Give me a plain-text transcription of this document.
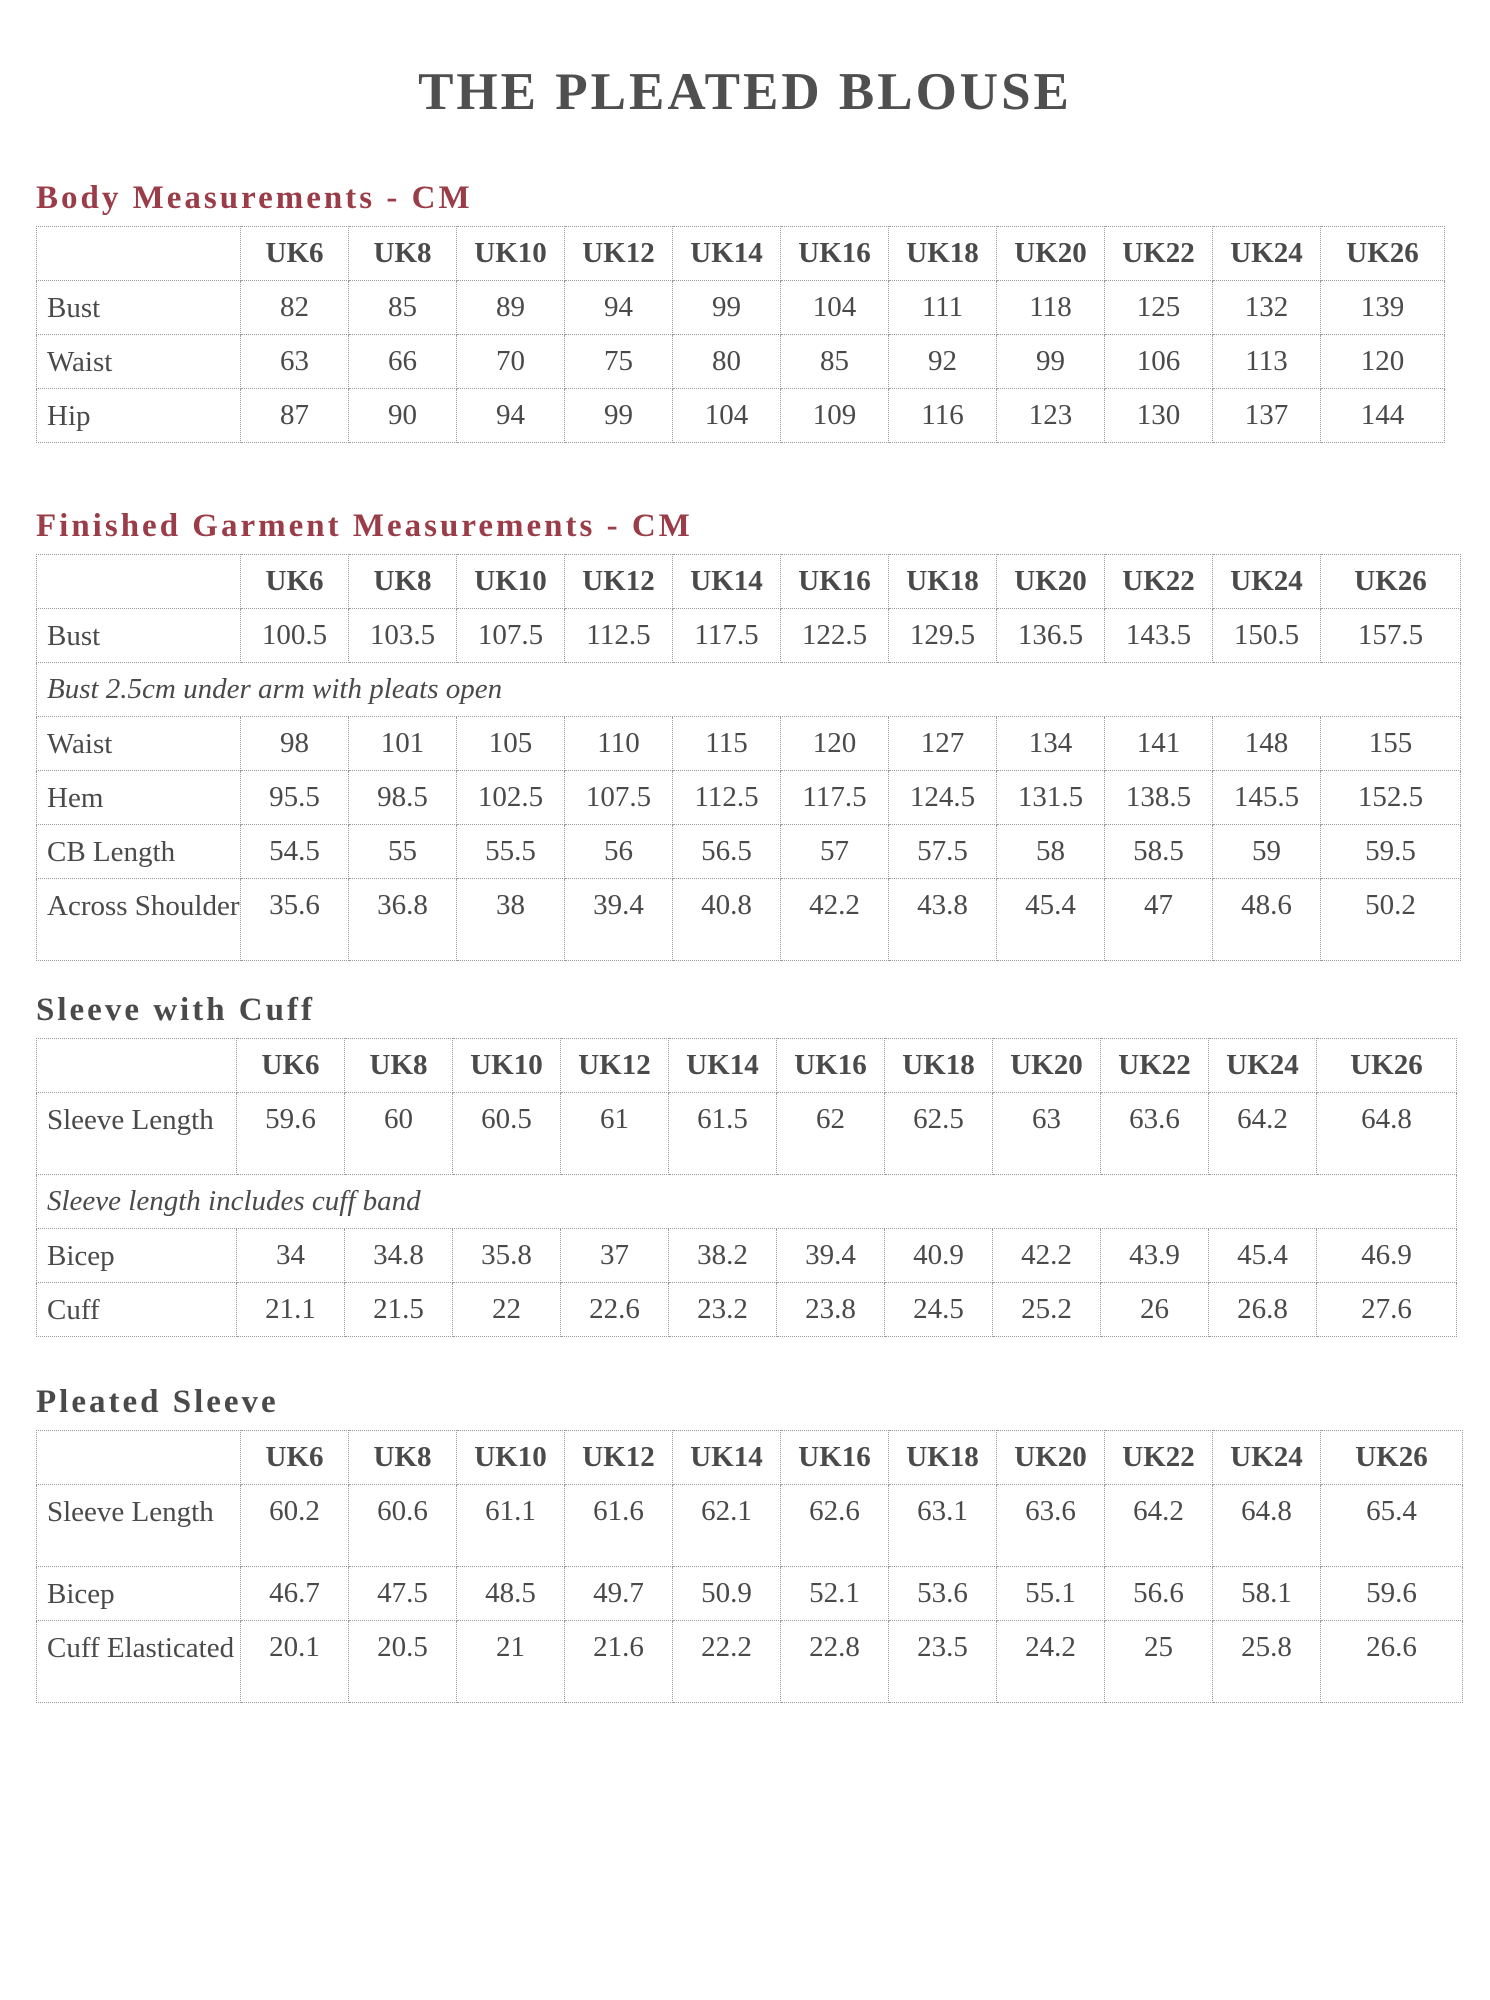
THE PLEATED BLOUSE
Body Measurements - CM
	UK6	UK8	UK10	UK12	UK14	UK16	UK18	UK20	UK22	UK24	UK26
Bust	82	85	89	94	99	104	111	118	125	132	139
Waist	63	66	70	75	80	85	92	99	106	113	120
Hip	87	90	94	99	104	109	116	123	130	137	144
Finished Garment Measurements - CM
	UK6	UK8	UK10	UK12	UK14	UK16	UK18	UK20	UK22	UK24	UK26
Bust	100.5	103.5	107.5	112.5	117.5	122.5	129.5	136.5	143.5	150.5	157.5
Bust 2.5cm under arm with pleats open											
Waist	98	101	105	110	115	120	127	134	141	148	155
Hem	95.5	98.5	102.5	107.5	112.5	117.5	124.5	131.5	138.5	145.5	152.5
CB Length	54.5	55	55.5	56	56.5	57	57.5	58	58.5	59	59.5
Across Shoulder	35.6	36.8	38	39.4	40.8	42.2	43.8	45.4	47	48.6	50.2
Sleeve with Cuff
	UK6	UK8	UK10	UK12	UK14	UK16	UK18	UK20	UK22	UK24	UK26
Sleeve Length	59.6	60	60.5	61	61.5	62	62.5	63	63.6	64.2	64.8
Sleeve length includes cuff band											
Bicep	34	34.8	35.8	37	38.2	39.4	40.9	42.2	43.9	45.4	46.9
Cuff	21.1	21.5	22	22.6	23.2	23.8	24.5	25.2	26	26.8	27.6
Pleated Sleeve
	UK6	UK8	UK10	UK12	UK14	UK16	UK18	UK20	UK22	UK24	UK26
Sleeve Length	60.2	60.6	61.1	61.6	62.1	62.6	63.1	63.6	64.2	64.8	65.4
Bicep	46.7	47.5	48.5	49.7	50.9	52.1	53.6	55.1	56.6	58.1	59.6
Cuff Elasticated	20.1	20.5	21	21.6	22.2	22.8	23.5	24.2	25	25.8	26.6
